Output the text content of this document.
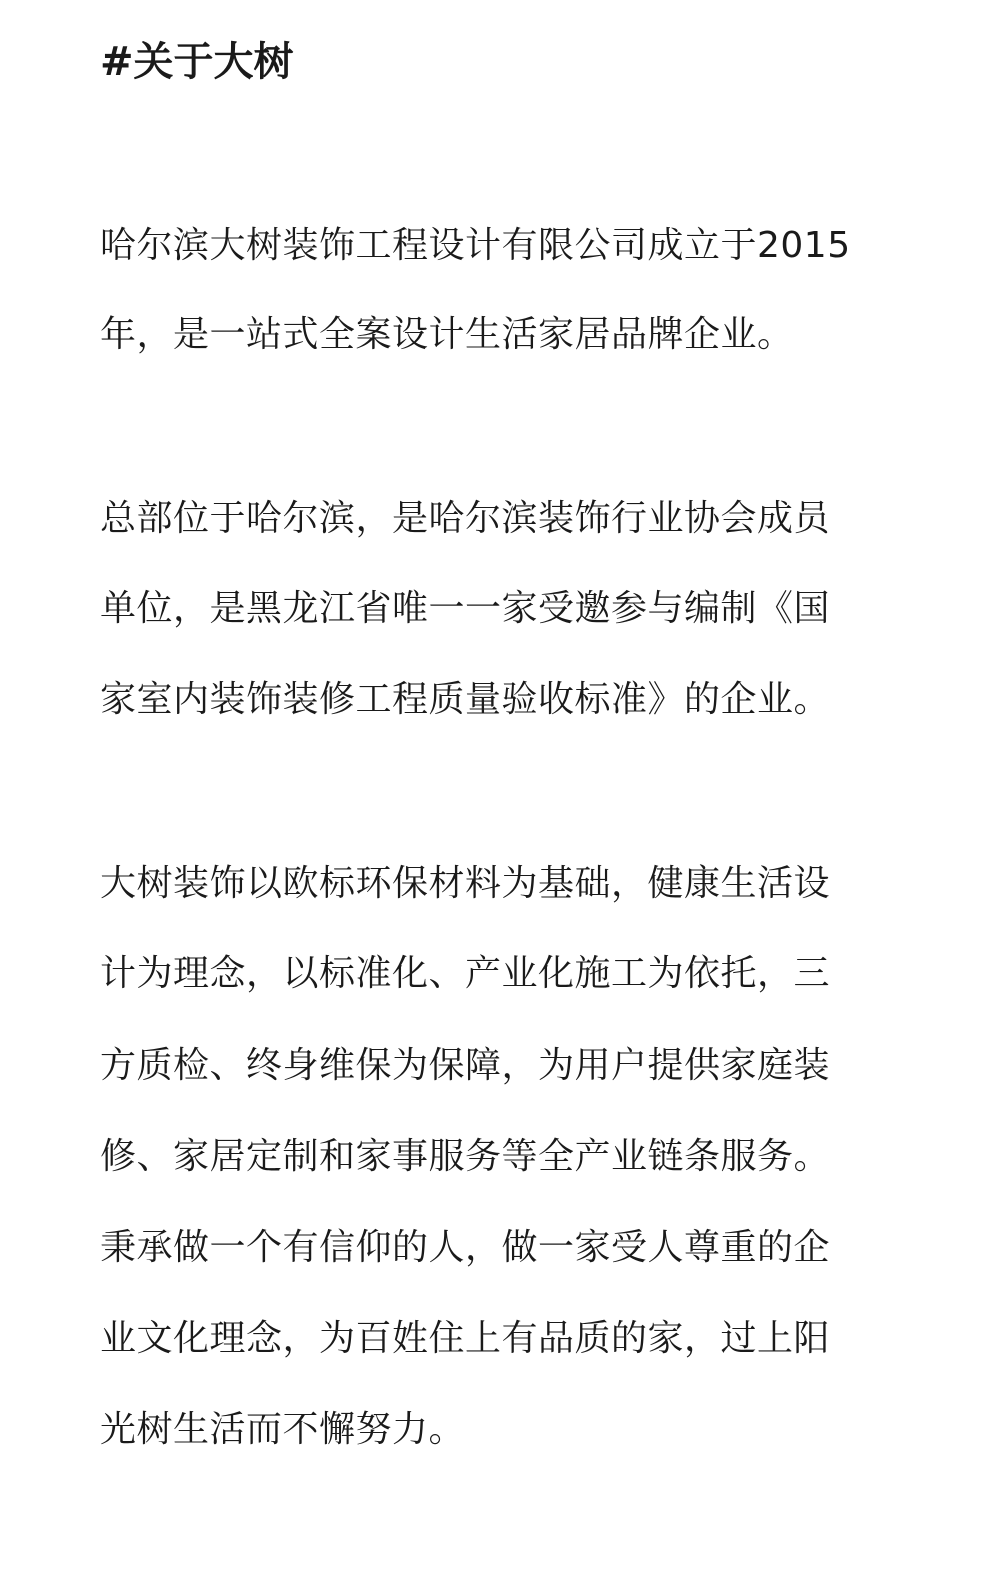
#关于大树
哈尔滨大树装饰工程设计有限公司成立于2015
年，是一站式全案设计生活家居品牌企业。
总部位于哈尔滨，是哈尔滨装饰行业协会成员
单位，是黑龙江省唯一一家受邀参与编制《国
家室内装饰装修工程质量验收标准》的企业。
大树装饰以欧标环保材料为基础，健康生活设
计为理念，以标准化、产业化施工为依托，三
方质检、终身维保为保障，为用户提供家庭装
修、家居定制和家事服务等全产业链条服务。
秉承做一个有信仰的人，做一家受人尊重的企
业文化理念，为百姓住上有品质的家，过上阳
光树生活而不懈努力。
